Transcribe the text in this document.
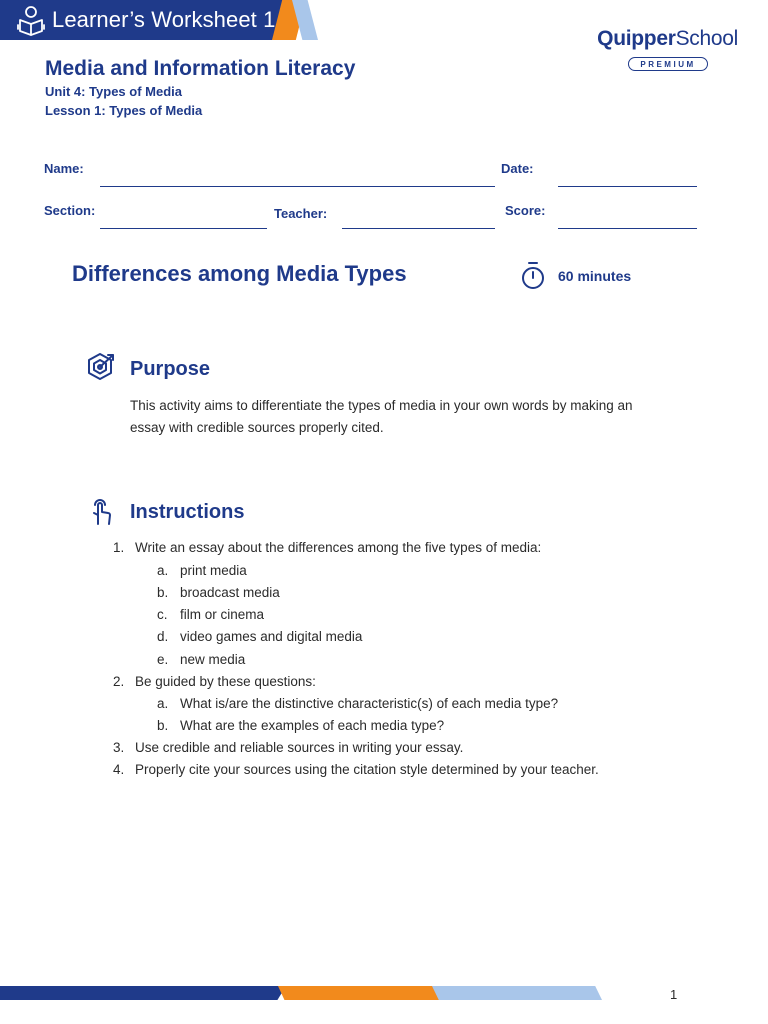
Learner’s Worksheet 1
QuipperSchool
PREMIUM
Media and Information Literacy
Unit 4: Types of Media
Lesson 1: Types of Media
Name:	Date:
Section:	Teacher:	Score:
Differences among Media Types	60 minutes
Purpose
This activity aims to differentiate the types of media in your own words by making an
essay with credible sources properly cited.
Instructions
1. Write an essay about the differences among the five types of media:
a. print media
b. broadcast media
c. film or cinema
d. video games and digital media
e. new media
2. Be guided by these questions:
a. What is/are the distinctive characteristic(s) of each media type?
b. What are the examples of each media type?
3. Use credible and reliable sources in writing your essay.
4. Properly cite your sources using the citation style determined by your teacher.
1
